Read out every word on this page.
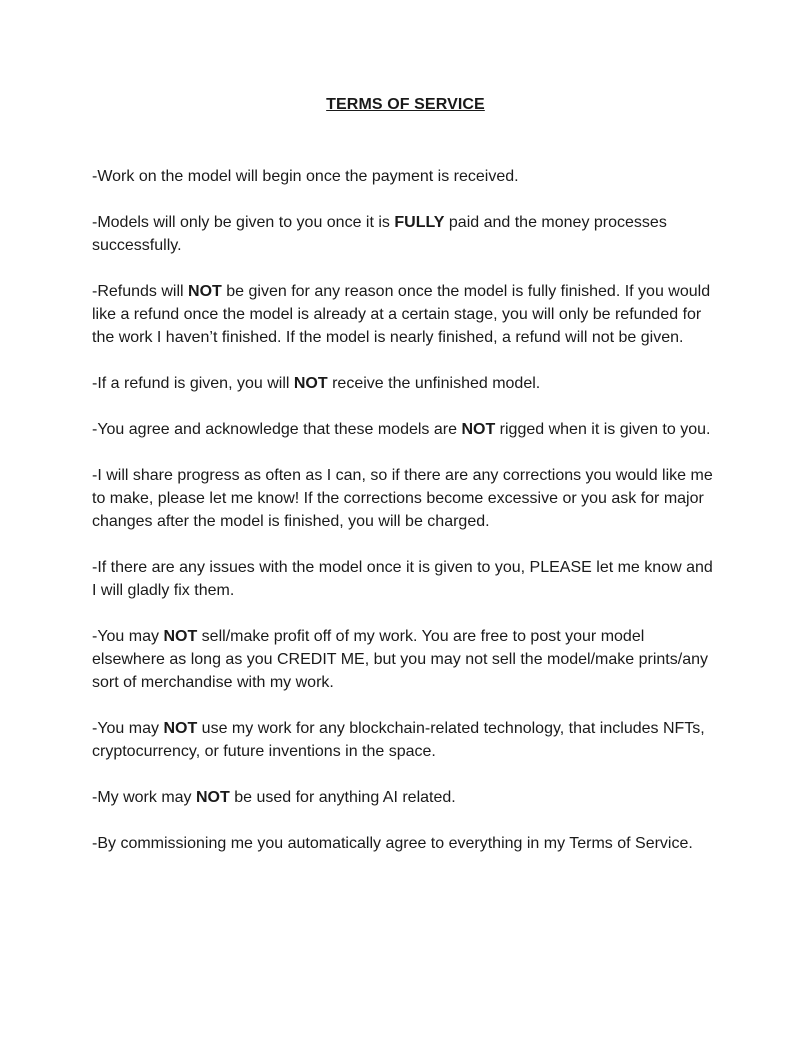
TERMS OF SERVICE

-Work on the model will begin once the payment is received.

-Models will only be given to you once it is FULLY paid and the money processes successfully.

-Refunds will NOT be given for any reason once the model is fully finished. If you would like a refund once the model is already at a certain stage, you will only be refunded for the work I haven’t finished. If the model is nearly finished, a refund will not be given.

-If a refund is given, you will NOT receive the unfinished model.

-You agree and acknowledge that these models are NOT rigged when it is given to you.

-I will share progress as often as I can, so if there are any corrections you would like me to make, please let me know! If the corrections become excessive or you ask for major changes after the model is finished, you will be charged.

-If there are any issues with the model once it is given to you, PLEASE let me know and I will gladly fix them.

-You may NOT sell/make profit off of my work. You are free to post your model elsewhere as long as you CREDIT ME, but you may not sell the model/make prints/any sort of merchandise with my work.

-You may NOT use my work for any blockchain-related technology, that includes NFTs, cryptocurrency, or future inventions in the space.

-My work may NOT be used for anything AI related.

-By commissioning me you automatically agree to everything in my Terms of Service.
